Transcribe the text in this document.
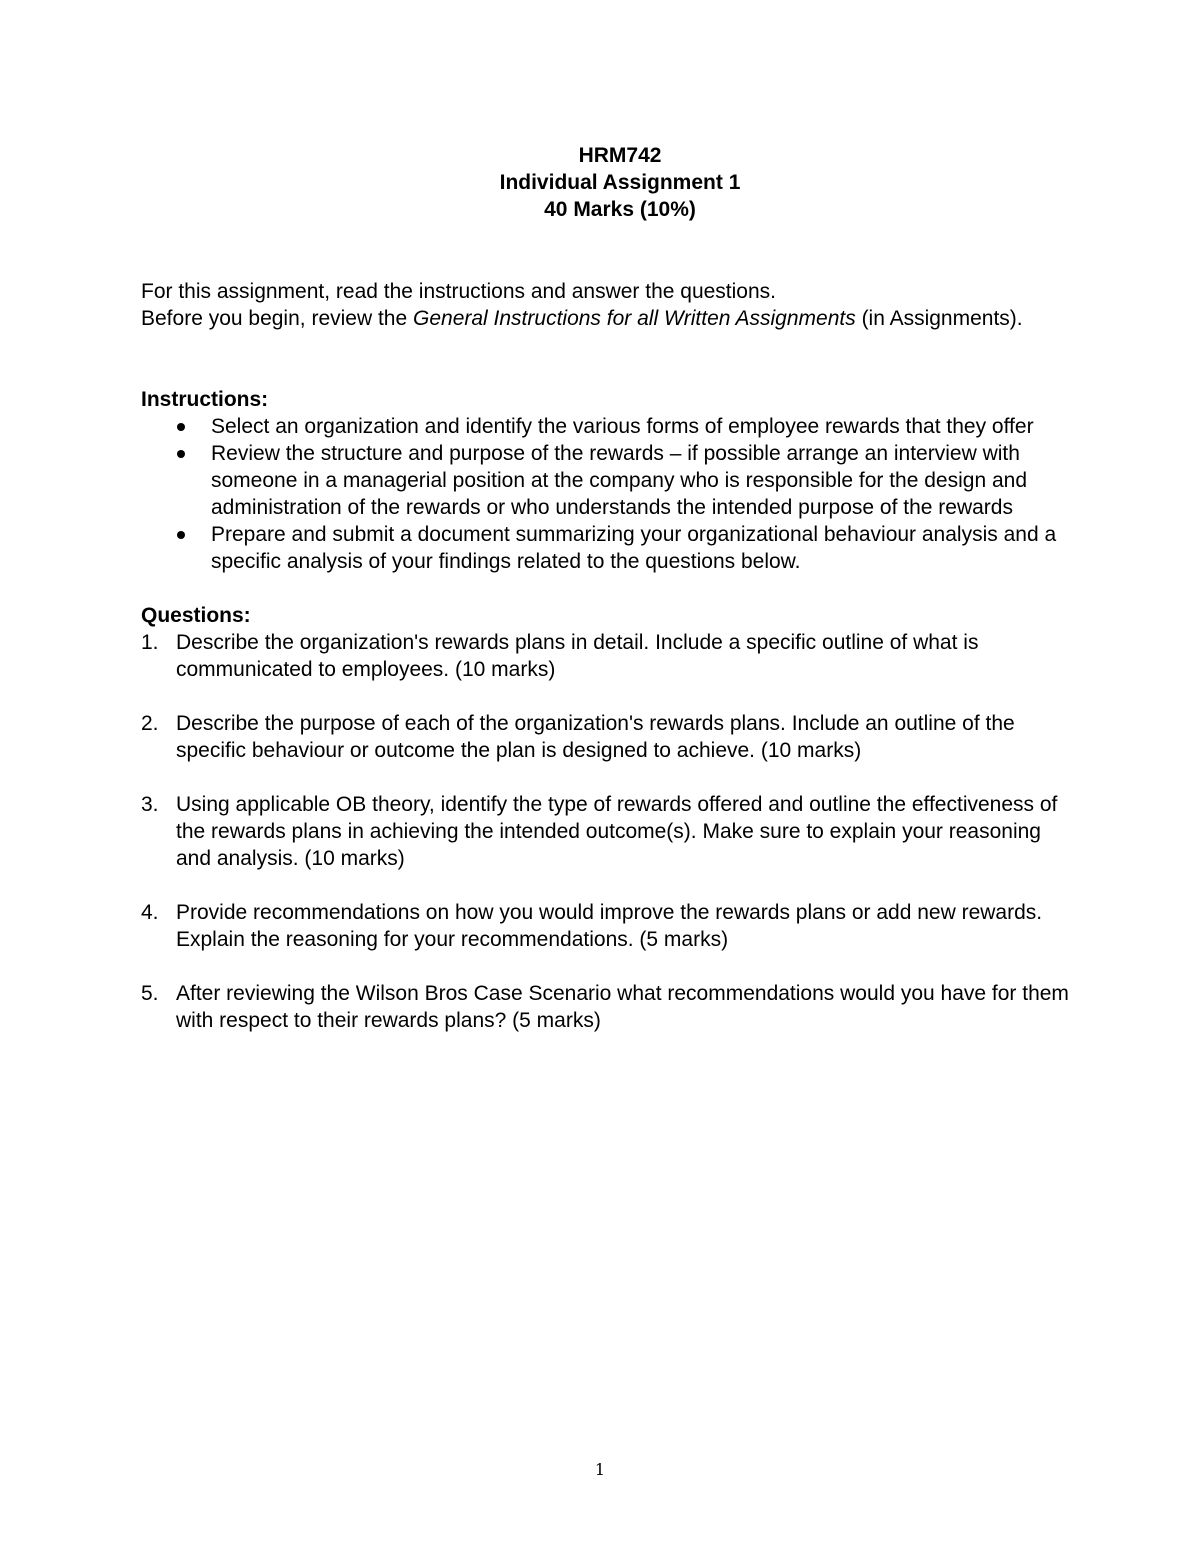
HRM742
Individual Assignment 1
40 Marks (10%)

For this assignment, read the instructions and answer the questions.

Before you begin, review the General Instructions for all Written Assignments (in Assignments).

Instructions:
Select an organization and identify the various forms of employee rewards that they offer
Review the structure and purpose of the rewards – if possible arrange an interview with someone in a managerial position at the company who is responsible for the design and administration of the rewards or who understands the intended purpose of the rewards
Prepare and submit a document summarizing your organizational behaviour analysis and a specific analysis of your findings related to the questions below.
Questions:
1. Describe the organization's rewards plans in detail. Include a specific outline of what is communicated to employees. (10 marks)
2. Describe the purpose of each of the organization's rewards plans. Include an outline of the specific behaviour or outcome the plan is designed to achieve. (10 marks)
3. Using applicable OB theory, identify the type of rewards offered and outline the effectiveness of the rewards plans in achieving the intended outcome(s). Make sure to explain your reasoning and analysis. (10 marks)
4. Provide recommendations on how you would improve the rewards plans or add new rewards. Explain the reasoning for your recommendations. (5 marks)
5. After reviewing the Wilson Bros Case Scenario what recommendations would you have for them with respect to their rewards plans? (5 marks)
1
